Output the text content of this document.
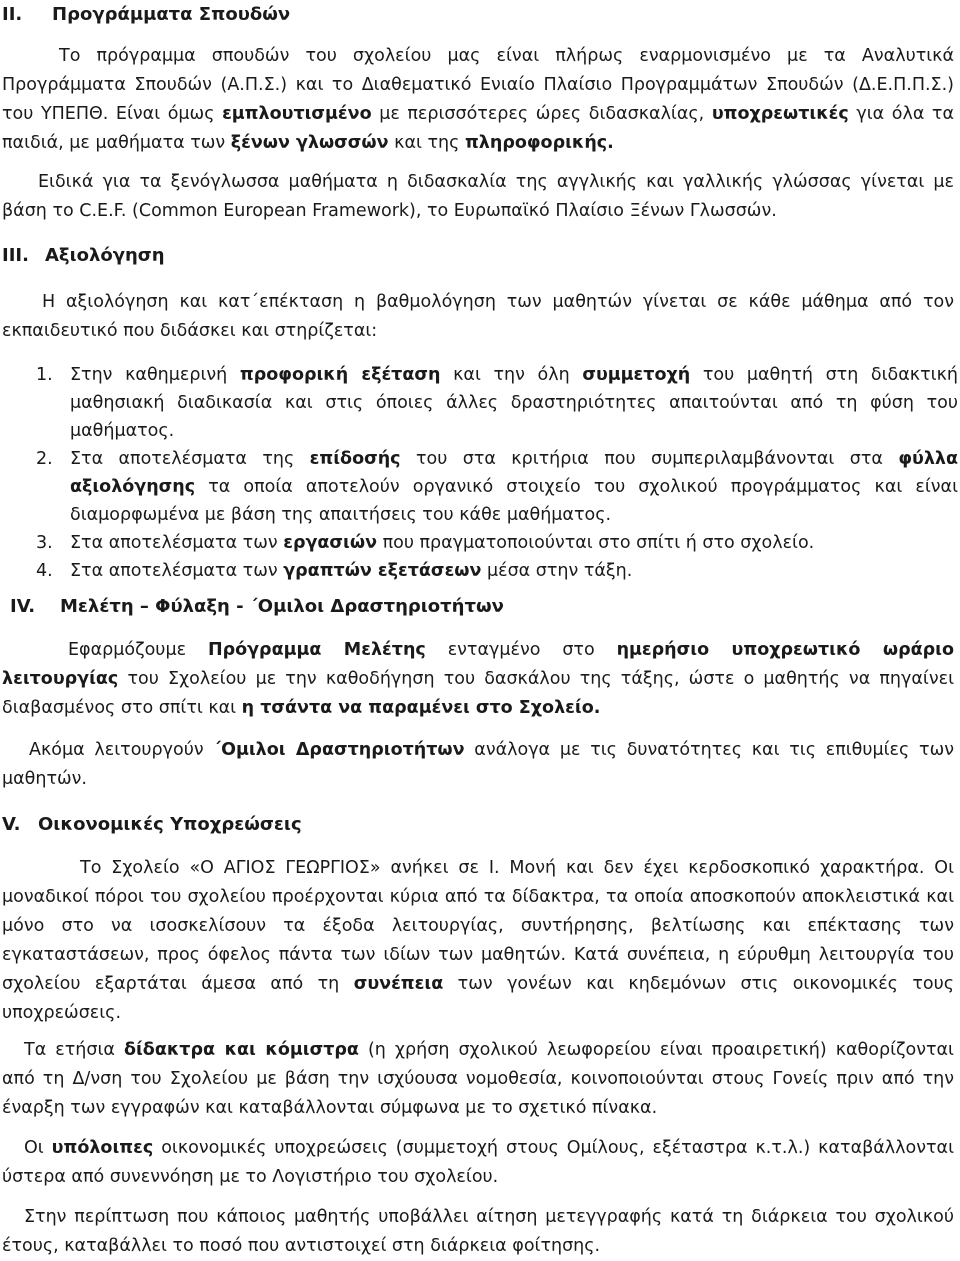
II. Προγράμματα Σπουδών

Το πρόγραμμα σπουδών του σχολείου μας είναι πλήρως εναρμονισμένο με τα Αναλυτικά Προγράμματα Σπουδών (Α.Π.Σ.) και το Διαθεματικό Ενιαίο Πλαίσιο Προγραμμάτων Σπουδών (Δ.Ε.Π.Π.Σ.) του ΥΠΕΠΘ. Είναι όμως εμπλουτισμένο με περισσότερες ώρες διδασκαλίας, υποχρεωτικές για όλα τα παιδιά, με μαθήματα των ξένων γλωσσών και της πληροφορικής.

Ειδικά για τα ξενόγλωσσα μαθήματα η διδασκαλία της αγγλικής και γαλλικής γλώσσας γίνεται με βάση το C.E.F. (Common European Framework), το Ευρωπαϊκό Πλαίσιο Ξένων Γλωσσών.

III. Αξιολόγηση

Η αξιολόγηση και κατ΄επέκταση η βαθμολόγηση των μαθητών γίνεται σε κάθε μάθημα από τον εκπαιδευτικό που διδάσκει και στηρίζεται:

1. Στην καθημερινή προφορική εξέταση και την όλη συμμετοχή του μαθητή στη διδακτική μαθησιακή διαδικασία και στις όποιες άλλες δραστηριότητες απαιτούνται από τη φύση του μαθήματος.
2. Στα αποτελέσματα της επίδοσής του στα κριτήρια που συμπεριλαμβάνονται στα φύλλα αξιολόγησης τα οποία αποτελούν οργανικό στοιχείο του σχολικού προγράμματος και είναι διαμορφωμένα με βάση της απαιτήσεις του κάθε μαθήματος.
3. Στα αποτελέσματα των εργασιών που πραγματοποιούνται στο σπίτι ή στο σχολείο.
4. Στα αποτελέσματα των γραπτών εξετάσεων μέσα στην τάξη.
IV. Μελέτη – Φύλαξη - ΄Ομιλοι Δραστηριοτήτων

Εφαρμόζουμε Πρόγραμμα Μελέτης ενταγμένο στο ημερήσιο υποχρεωτικό ωράριο λειτουργίας του Σχολείου με την καθοδήγηση του δασκάλου της τάξης, ώστε ο μαθητής να πηγαίνει διαβασμένος στο σπίτι και η τσάντα να παραμένει στο Σχολείο.

Ακόμα λειτουργούν ΄Ομιλοι Δραστηριοτήτων ανάλογα με τις δυνατότητες και τις επιθυμίες των μαθητών.

V. Οικονομικές Υποχρεώσεις

Το Σχολείο «Ο ΑΓΙΟΣ ΓΕΩΡΓΙΟΣ» ανήκει σε Ι. Μονή και δεν έχει κερδοσκοπικό χαρακτήρα. Οι μοναδικοί πόροι του σχολείου προέρχονται κύρια από τα δίδακτρα, τα οποία αποσκοπούν αποκλειστικά και μόνο στο να ισοσκελίσουν τα έξοδα λειτουργίας, συντήρησης, βελτίωσης και επέκτασης των εγκαταστάσεων, προς όφελος πάντα των ιδίων των μαθητών. Κατά συνέπεια, η εύρυθμη λειτουργία του σχολείου εξαρτάται άμεσα από τη συνέπεια των γονέων και κηδεμόνων στις οικονομικές τους υποχρεώσεις.

Τα ετήσια δίδακτρα και κόμιστρα (η χρήση σχολικού λεωφορείου είναι προαιρετική) καθορίζονται από τη Δ/νση του Σχολείου με βάση την ισχύουσα νομοθεσία, κοινοποιούνται στους Γονείς πριν από την έναρξη των εγγραφών και καταβάλλονται σύμφωνα με το σχετικό πίνακα.

Οι υπόλοιπες οικονομικές υποχρεώσεις (συμμετοχή στους Ομίλους, εξέταστρα κ.τ.λ.) καταβάλλονται ύστερα από συνεννόηση με το Λογιστήριο του σχολείου.

Στην περίπτωση που κάποιος μαθητής υποβάλλει αίτηση μετεγγραφής κατά τη διάρκεια του σχολικού έτους, καταβάλλει το ποσό που αντιστοιχεί στη διάρκεια φοίτησης.
